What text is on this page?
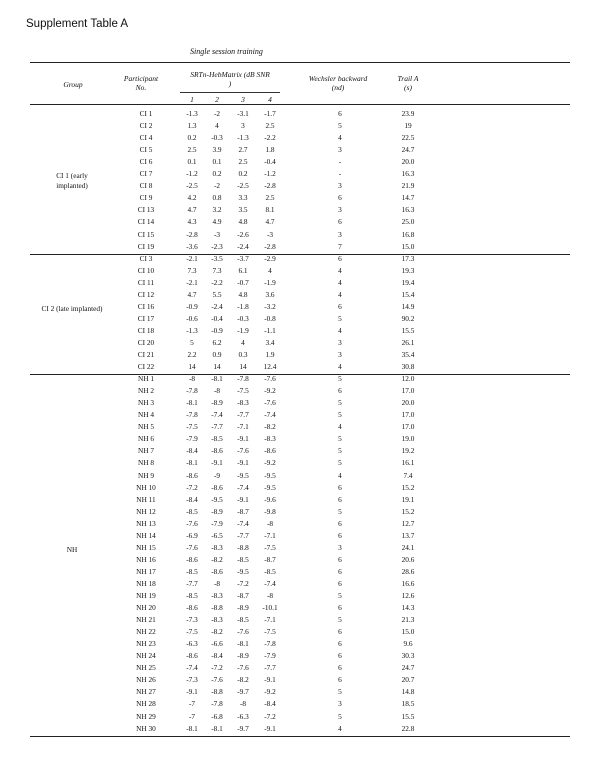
Supplement Table A
Single session training
Group
Participant
No.
SRTn-HebMatrix (dB SNR
)
Wechsler backward
(nd)
Trail A
(s)
1	2	3	4
CI 1	-1.3	-2	-3.1	-1.7	6	23.9
CI 2	1.3	4	3	2.5	5	19
CI 4	0.2	-0.3	-1.3	-2.2	4	22.5
CI 5	2.5	3.9	2.7	1.8	3	24.7
CI 6	0.1	0.1	2.5	-0.4	-	20.0
CI 7	-1.2	0.2	0.2	-1.2	-	16.3
CI 8	-2.5	-2	-2.5	-2.8	3	21.9
CI 9	4.2	0.8	3.3	2.5	6	14.7
CI 13	4.7	3.2	3.5	8.1	3	16.3
CI 14	4.3	4.9	4.8	4.7	6	25.0
CI 15	-2.8	-3	-2.6	-3	3	16.8
CI 19	-3.6	-2.3	-2.4	-2.8	7	15.0
CI 1 (early
implanted)
CI 3	-2.1	-3.5	-3.7	-2.9	6	17.3
CI 10	7.3	7.3	6.1	4	4	19.3
CI 11	-2.1	-2.2	-0.7	-1.9	4	19.4
CI 12	4.7	5.5	4.8	3.6	4	15.4
CI 16	-0.9	-2.4	-1.8	-3.2	6	14.9
CI 17	-0.6	-0.4	-0.3	-0.8	5	90.2
CI 18	-1.3	-0.9	-1.9	-1.1	4	15.5
CI 20	5	6.2	4	3.4	3	26.1
CI 21	2.2	0.9	0.3	1.9	3	35.4
CI 22	14	14	14	12.4	4	30.8
CI 2 (late implanted)
NH 1	-8	-8.1	-7.8	-7.6	5	12.0
NH 2	-7.8	-8	-7.5	-9.2	6	17.0
NH 3	-8.1	-8.9	-8.3	-7.6	5	20.0
NH 4	-7.8	-7.4	-7.7	-7.4	5	17.0
NH 5	-7.5	-7.7	-7.1	-8.2	4	17.0
NH 6	-7.9	-8.5	-9.1	-8.3	5	19.0
NH 7	-8.4	-8.6	-7.6	-8.6	5	19.2
NH 8	-8.1	-9.1	-9.1	-9.2	5	16.1
NH 9	-8.6	-9	-9.5	-9.5	4	7.4
NH 10	-7.2	-8.6	-7.4	-9.5	6	15.2
NH 11	-8.4	-9.5	-9.1	-9.6	6	19.1
NH 12	-8.5	-8.9	-8.7	-9.8	5	15.2
NH 13	-7.6	-7.9	-7.4	-8	6	12.7
NH 14	-6.9	-6.5	-7.7	-7.1	6	13.7
NH 15	-7.6	-8.3	-8.8	-7.5	3	24.1
NH 16	-8.6	-8.2	-8.5	-8.7	6	20.6
NH 17	-8.5	-8.6	-9.5	-8.5	6	28.6
NH 18	-7.7	-8	-7.2	-7.4	6	16.6
NH 19	-8.5	-8.3	-8.7	-8	5	12.6
NH 20	-8.6	-8.8	-8.9	-10.1	6	14.3
NH 21	-7.3	-8.3	-8.5	-7.1	5	21.3
NH 22	-7.5	-8.2	-7.6	-7.5	6	15.0
NH 23	-6.3	-6.6	-8.1	-7.8	6	9.6
NH 24	-8.6	-8.4	-8.9	-7.9	6	30.3
NH 25	-7.4	-7.2	-7.6	-7.7	6	24.7
NH 26	-7.3	-7.6	-8.2	-9.1	6	20.7
NH 27	-9.1	-8.8	-9.7	-9.2	5	14.8
NH 28	-7	-7.8	-8	-8.4	3	18.5
NH 29	-7	-6.8	-6.3	-7.2	5	15.5
NH 30	-8.1	-8.1	-9.7	-9.1	4	22.8
NH
